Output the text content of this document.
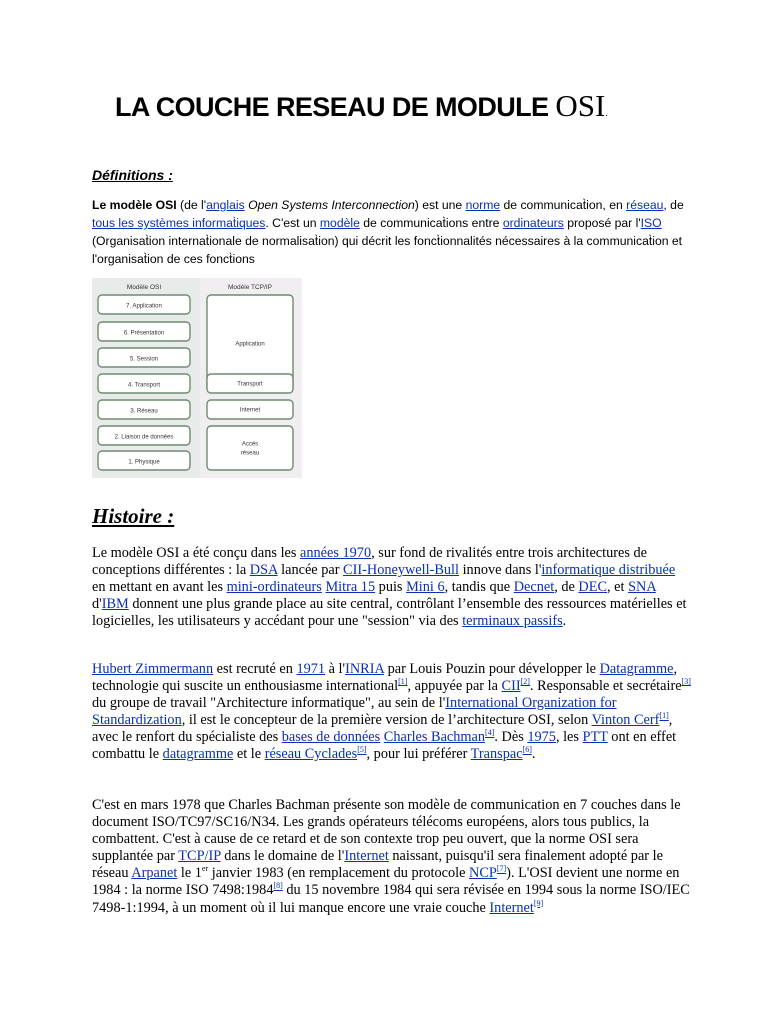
LA COUCHE RESEAU DE MODULE OSI.
Définitions :
Le modèle OSI (de l'anglais Open Systems Interconnection) est une norme de communicat̀ion, en réseau, de tous les systèmes informat̀iques. C'est un modèle de communicat̀ions entre ordinateurs proposé par l'ISO (Organisat̀ion internat̀ionale de normalisat̀ion) qui décrit les fonct̀ionnalités nécessaires à la communicat̀ion et l'organisat̀ion de ces fonct̀ions
Modèle OSI	Modèle TCP/IP
7. Application
6. Présentation
5. Session
4. Transport
3. Réseau
2. Liaison de données
1. Physique
Application
Transport
Internet
Accès réseau
Histoire :
Le modèle OSI a été conçu dans les années 1970, sur fond de rivalités entre trois architectures de conceptions différentes : la DSA lancée par CII-Honeywell-Bull innove dans l'informatique distribuée en mettant en avant les mini-ordinateurs Mitra 15 puis Mini 6, tandis que Decnet, de DEC, et SNA d'IBM donnent une plus grande place au site central, contrôlant l’ensemble des ressources matérielles et logicielles, les utilisateurs y accédant pour une "session" via des terminaux passifs.
Hubert Zimmermann est recruté en 1971 à l'INRIA par Louis Pouzin pour développer le Datagramme, technologie qui suscite un enthousiasme international[1], appuyée par la CII[2]. Responsable et secrétaire[3] du groupe de travail "Architecture informatique", au sein de l'International Organization for Standardization, il est le concepteur de la première version de l’architecture OSI, selon Vinton Cerf[1], avec le renfort du spécialiste des bases de données Charles Bachman[4]. Dès 1975, les PTT ont en effet combattu le datagramme et le réseau Cyclades[5], pour lui préférer Transpac[6].
C'est en mars 1978 que Charles Bachman présente son modèle de communication en 7 couches dans le document ISO/TC97/SC16/N34. Les grands opérateurs télécoms européens, alors tous publics, la combattent. C'est à cause de ce retard et de son contexte trop peu ouvert, que la norme OSI sera supplantée par TCP/IP dans le domaine de l'Internet naissant, puisqu'il sera finalement adopté par le réseau Arpanet le 1er janvier 1983 (en remplacement du protocole NCP[7]). L'OSI devient une norme en 1984 : la norme ISO 7498:1984[8] du 15 novembre 1984 qui sera révisée en 1994 sous la norme ISO/IEC 7498-1:1994, à un moment où il lui manque encore une vraie couche Internet[9]
